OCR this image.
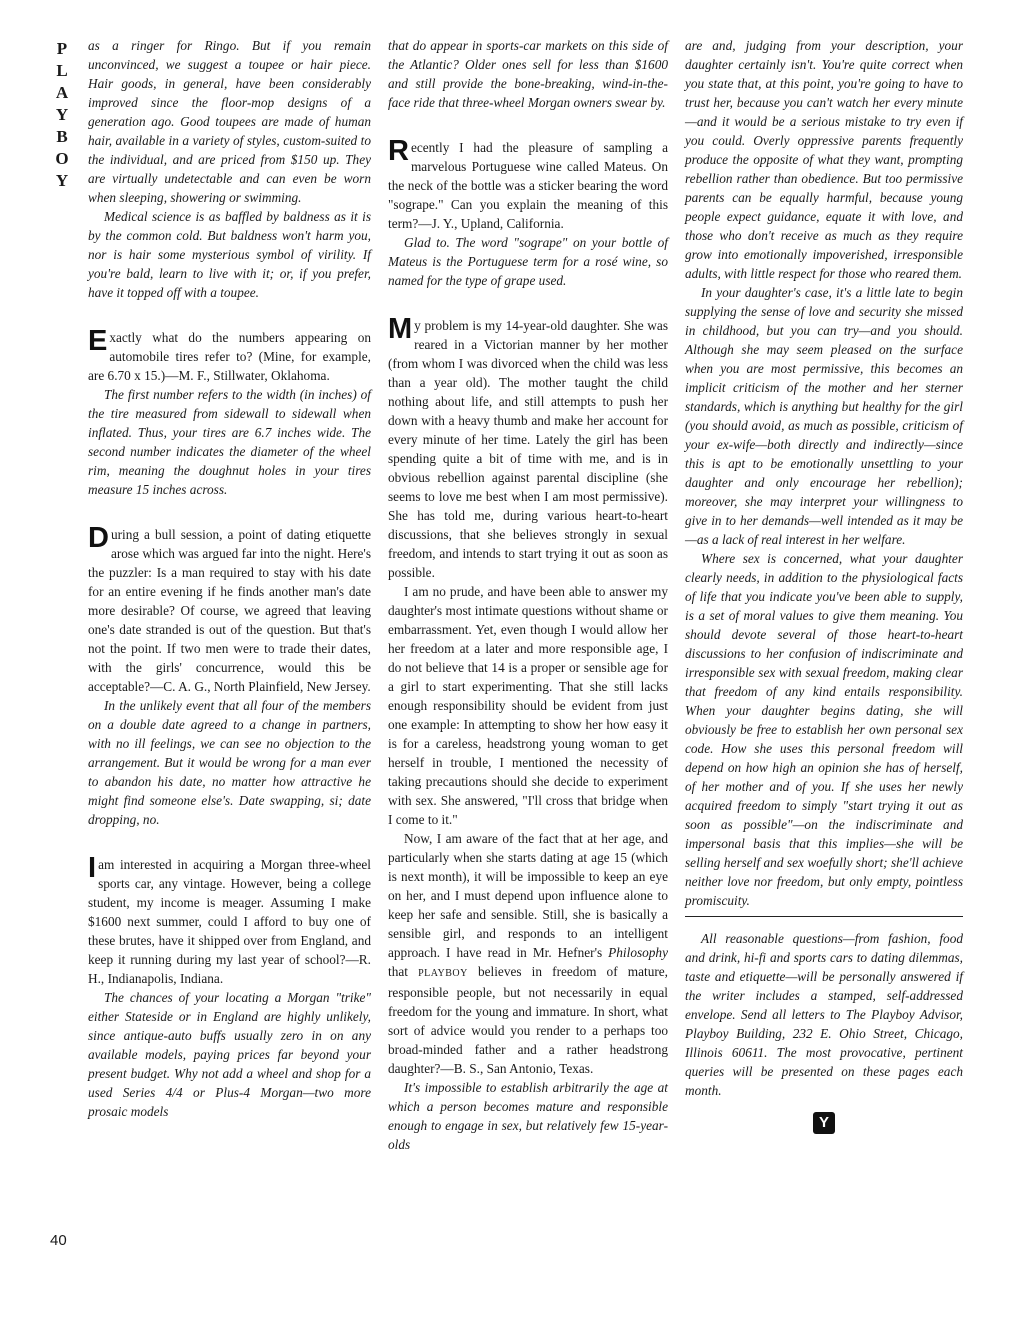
P
L
A
Y
B
O
Y
40

as a ringer for Ringo. But if you remain unconvinced, we suggest a toupee or hair piece. Hair goods, in general, have been considerably improved since the floor-mop designs of a generation ago. Good toupees are made of human hair, available in a variety of styles, custom-suited to the individual, and are priced from $150 up. They are virtually undetectable and can even be worn when sleeping, showering or swimming.

Medical science is as baffled by baldness as it is by the common cold. But baldness won't harm you, nor is hair some mysterious symbol of virility. If you're bald, learn to live with it; or, if you prefer, have it topped off with a toupee.

Exactly what do the numbers appearing on automobile tires refer to? (Mine, for example, are 6.70 x 15.)—M. F., Stillwater, Oklahoma.

The first number refers to the width (in inches) of the tire measured from sidewall to sidewall when inflated. Thus, your tires are 6.7 inches wide. The second number indicates the diameter of the wheel rim, meaning the doughnut holes in your tires measure 15 inches across.

During a bull session, a point of dating etiquette arose which was argued far into the night. Here's the puzzler: Is a man required to stay with his date for an entire evening if he finds another man's date more desirable? Of course, we agreed that leaving one's date stranded is out of the question. But that's not the point. If two men were to trade their dates, with the girls' concurrence, would this be acceptable?—C. A. G., North Plainfield, New Jersey.

In the unlikely event that all four of the members on a double date agreed to a change in partners, with no ill feelings, we can see no objection to the arrangement. But it would be wrong for a man ever to abandon his date, no matter how attractive he might find someone else's. Date swapping, si; date dropping, no.

I am interested in acquiring a Morgan three-wheel sports car, any vintage. However, being a college student, my income is meager. Assuming I make $1600 next summer, could I afford to buy one of these brutes, have it shipped over from England, and keep it running during my last year of school?—R. H., Indianapolis, Indiana.

The chances of your locating a Morgan "trike" either Stateside or in England are highly unlikely, since antique-auto buffs usually zero in on any available models, paying prices far beyond your present budget. Why not add a wheel and shop for a used Series 4/4 or Plus-4 Morgan—two more prosaic models

that do appear in sports-car markets on this side of the Atlantic? Older ones sell for less than $1600 and still provide the bone-breaking, wind-in-the-face ride that three-wheel Morgan owners swear by.

Recently I had the pleasure of sampling a marvelous Portuguese wine called Mateus. On the neck of the bottle was a sticker bearing the word "sogrape." Can you explain the meaning of this term?—J. Y., Upland, California.

Glad to. The word "sogrape" on your bottle of Mateus is the Portuguese term for a rosé wine, so named for the type of grape used.

My problem is my 14-year-old daughter. She was reared in a Victorian manner by her mother (from whom I was divorced when the child was less than a year old). The mother taught the child nothing about life, and still attempts to push her down with a heavy thumb and make her account for every minute of her time. Lately the girl has been spending quite a bit of time with me, and is in obvious rebellion against parental discipline (she seems to love me best when I am most permissive). She has told me, during various heart-to-heart discussions, that she believes strongly in sexual freedom, and intends to start trying it out as soon as possible.

I am no prude, and have been able to answer my daughter's most intimate questions without shame or embarrassment. Yet, even though I would allow her her freedom at a later and more responsible age, I do not believe that 14 is a proper or sensible age for a girl to start experimenting. That she still lacks enough responsibility should be evident from just one example: In attempting to show her how easy it is for a careless, headstrong young woman to get herself in trouble, I mentioned the necessity of taking precautions should she decide to experiment with sex. She answered, "I'll cross that bridge when I come to it."

Now, I am aware of the fact that at her age, and particularly when she starts dating at age 15 (which is next month), it will be impossible to keep an eye on her, and I must depend upon influence alone to keep her safe and sensible. Still, she is basically a sensible girl, and responds to an intelligent approach. I have read in Mr. Hefner's Philosophy that PLAYBOY believes in freedom of mature, responsible people, but not necessarily in equal freedom for the young and immature. In short, what sort of advice would you render to a perhaps too broad-minded father and a rather headstrong daughter?—B. S., San Antonio, Texas.

It's impossible to establish arbitrarily the age at which a person becomes mature and responsible enough to engage in sex, but relatively few 15-year-olds

are and, judging from your description, your daughter certainly isn't. You're quite correct when you state that, at this point, you're going to have to trust her, because you can't watch her every minute—and it would be a serious mistake to try even if you could. Overly oppressive parents frequently produce the opposite of what they want, prompting rebellion rather than obedience. But too permissive parents can be equally harmful, because young people expect guidance, equate it with love, and those who don't receive as much as they require grow into emotionally impoverished, irresponsible adults, with little respect for those who reared them.

In your daughter's case, it's a little late to begin supplying the sense of love and security she missed in childhood, but you can try—and you should. Although she may seem pleased on the surface when you are most permissive, this becomes an implicit criticism of the mother and her sterner standards, which is anything but healthy for the girl (you should avoid, as much as possible, criticism of your ex-wife—both directly and indirectly—since this is apt to be emotionally unsettling to your daughter and only encourage her rebellion); moreover, she may interpret your willingness to give in to her demands—well intended as it may be—as a lack of real interest in her welfare.

Where sex is concerned, what your daughter clearly needs, in addition to the physiological facts of life that you indicate you've been able to supply, is a set of moral values to give them meaning. You should devote several of those heart-to-heart discussions to her confusion of indiscriminate and irresponsible sex with sexual freedom, making clear that freedom of any kind entails responsibility. When your daughter begins dating, she will obviously be free to establish her own personal sex code. How she uses this personal freedom will depend on how high an opinion she has of herself, of her mother and of you. If she uses her newly acquired freedom to simply "start trying it out as soon as possible"—on the indiscriminate and impersonal basis that this implies—she will be selling herself and sex woefully short; she'll achieve neither love nor freedom, but only empty, pointless promiscuity.

All reasonable questions—from fashion, food and drink, hi-fi and sports cars to dating dilemmas, taste and etiquette—will be personally answered if the writer includes a stamped, self-addressed envelope. Send all letters to The Playboy Advisor, Playboy Building, 232 E. Ohio Street, Chicago, Illinois 60611. The most provocative, pertinent queries will be presented on these pages each month.

Y
